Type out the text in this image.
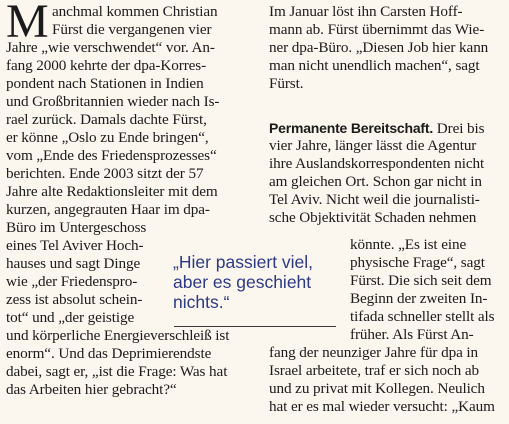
M anchmal kommen Christian
Fürst die vergangenen vier
Jahre „wie verschwendet“ vor. An-
fang 2000 kehrte der dpa-Korres-
pondent nach Stationen in Indien
und Großbritannien wieder nach Is-
rael zurück. Damals dachte Fürst,
er könne „Oslo zu Ende bringen“,
vom „Ende des Friedensprozesses“
berichten. Ende 2003 sitzt der 57
Jahre alte Redaktionsleiter mit dem
kurzen, angegrauten Haar im dpa-
Büro im Untergeschoss
eines Tel Aviver Hoch-
hauses und sagt Dinge
wie „der Friedenspro-
zess ist absolut schein-
tot“ und „der geistige
und körperliche Energieverschleiß ist
enorm“. Und das Deprimierendste
dabei, sagt er, „ist die Frage: Was hat
das Arbeiten hier gebracht?“
„Hier passiert viel,
aber es geschieht
nichts.“
Im Januar löst ihn Carsten Hoff-
mann ab. Fürst übernimmt das Wie-
ner dpa-Büro. „Diesen Job hier kann
man nicht unendlich machen“, sagt
Fürst.
Permanente Bereitschaft. Drei bis
vier Jahre, länger lässt die Agentur
ihre Auslandskorrespondenten nicht
am gleichen Ort. Schon gar nicht in
Tel Aviv. Nicht weil die journalisti-
sche Objektivität Schaden nehmen
könnte. „Es ist eine
physische Frage“, sagt
Fürst. Die sich seit dem
Beginn der zweiten In-
tifada schneller stellt als
früher. Als Fürst An-
fang der neunziger Jahre für dpa in
Israel arbeitete, traf er sich noch ab
und zu privat mit Kollegen. Neulich
hat er es mal wieder versucht: „Kaum
